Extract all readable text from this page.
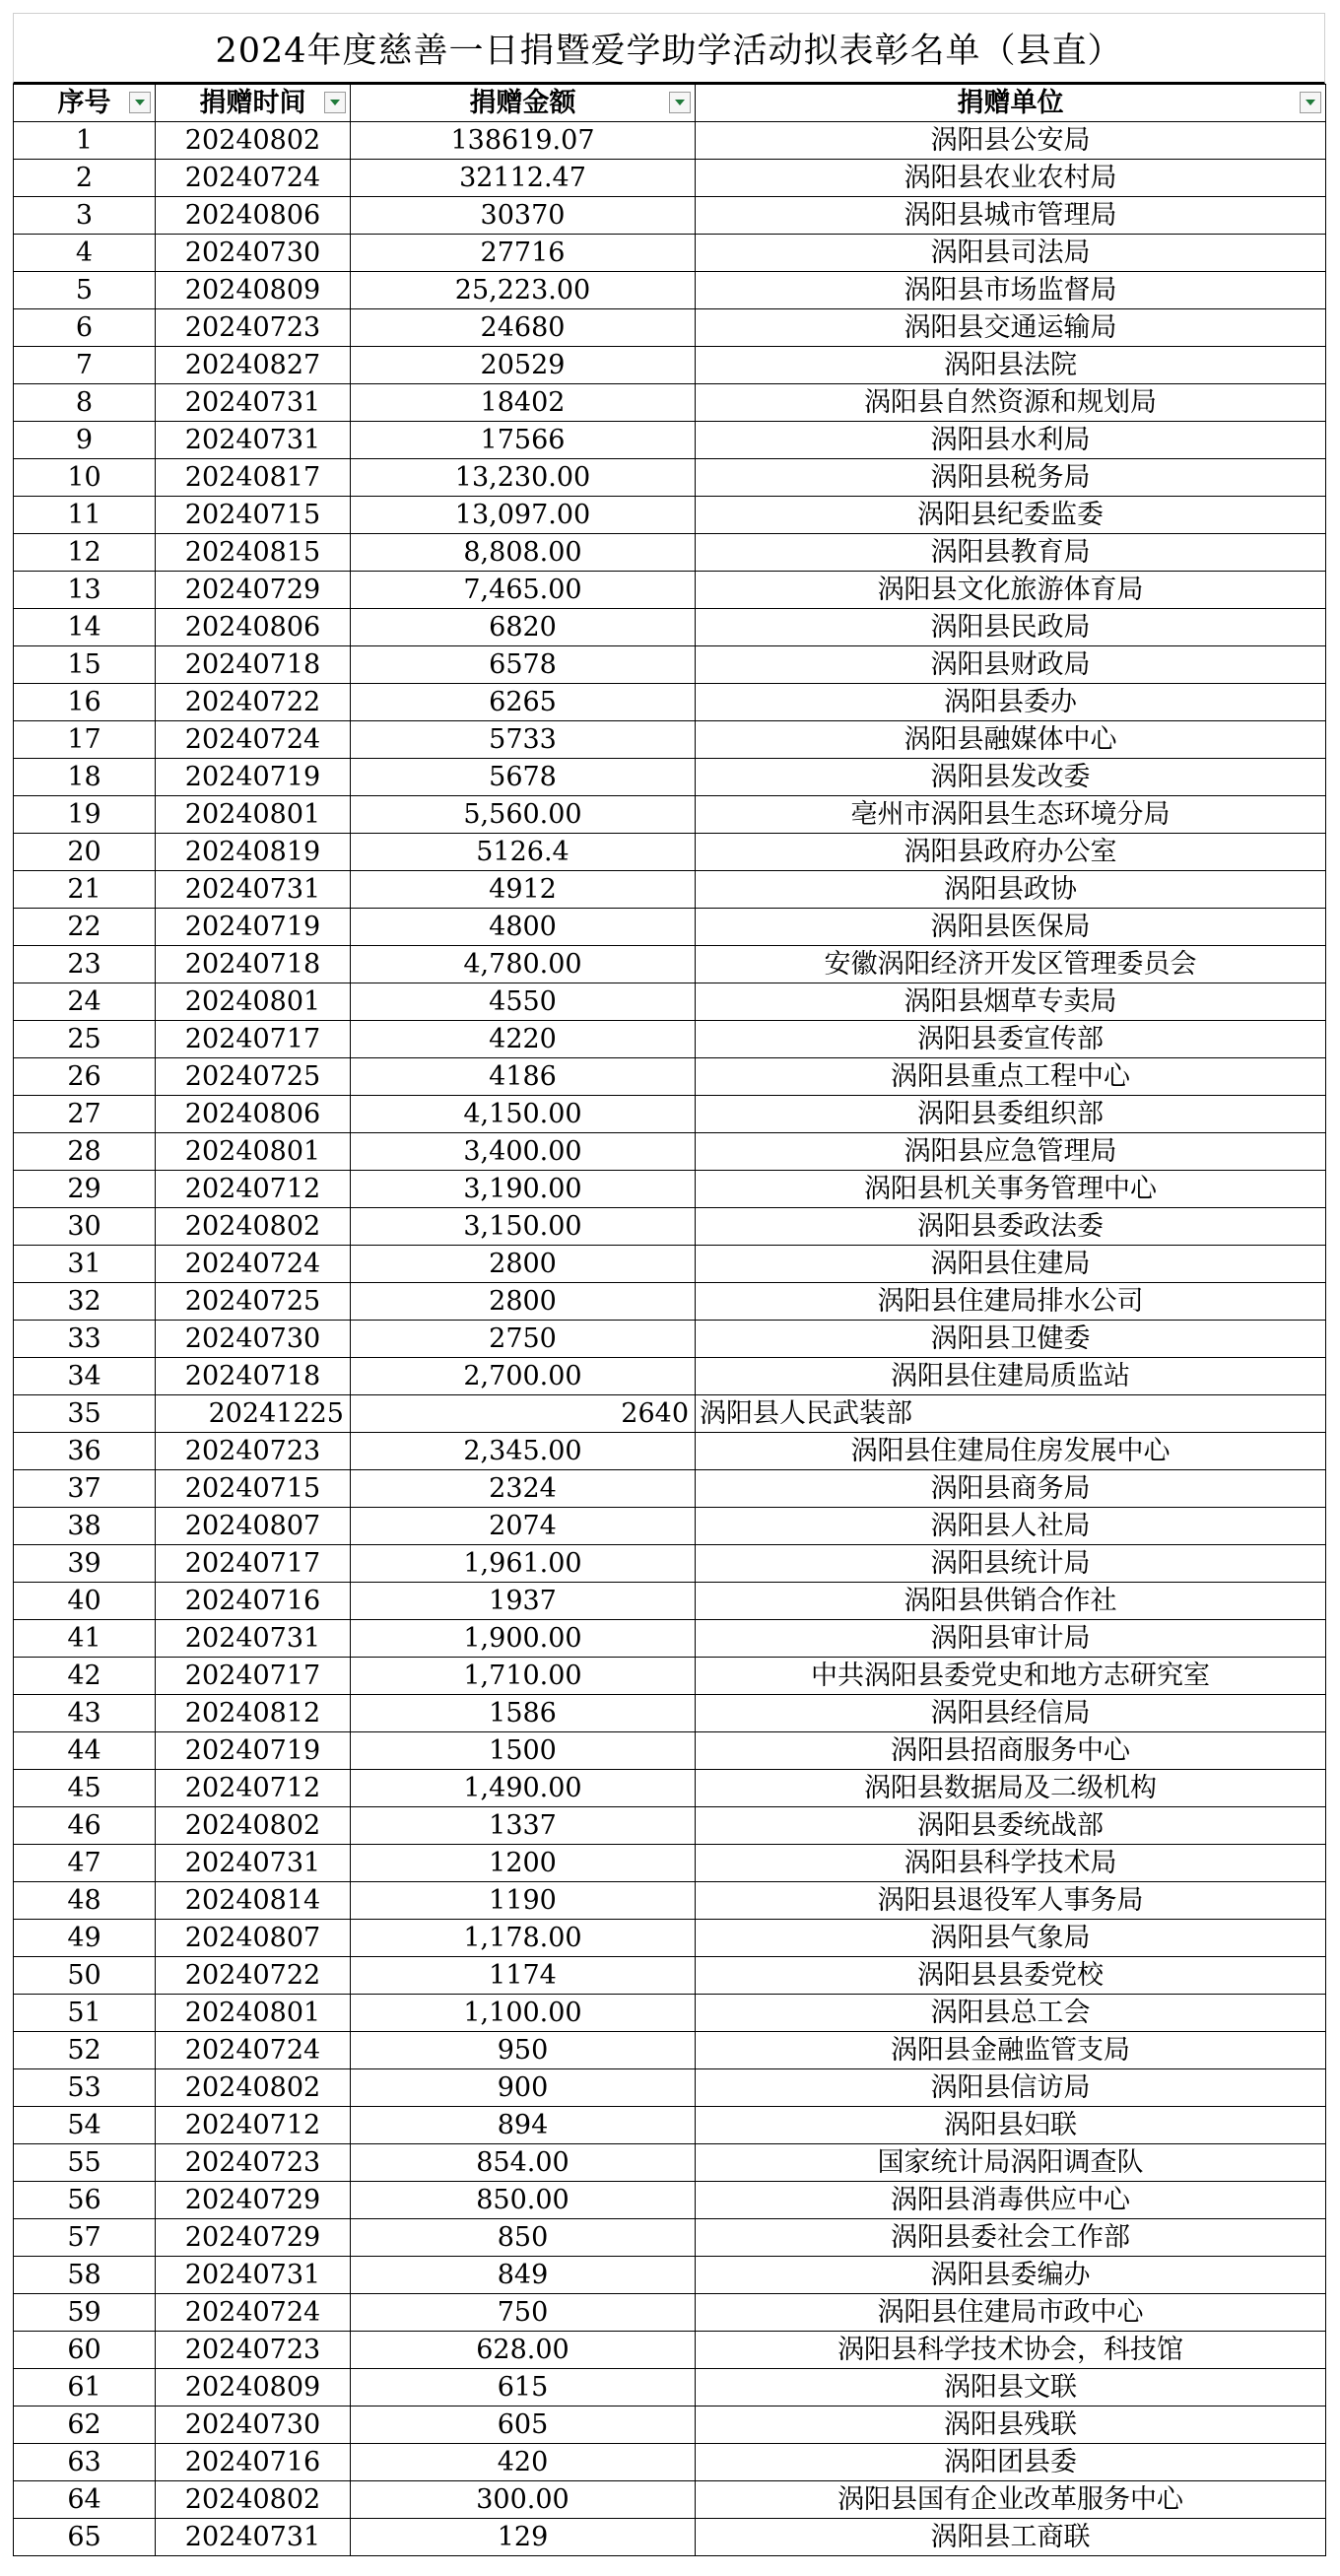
2024年度慈善一日捐暨爱学助学活动拟表彰名单（县直）
序号	捐赠时间	捐赠金额	捐赠单位

1	20240802	138619.07	涡阳县公安局
2	20240724	32112.47	涡阳县农业农村局
3	20240806	30370	涡阳县城市管理局
4	20240730	27716	涡阳县司法局
5	20240809	25,223.00	涡阳县市场监督局
6	20240723	24680	涡阳县交通运输局
7	20240827	20529	涡阳县法院
8	20240731	18402	涡阳县自然资源和规划局
9	20240731	17566	涡阳县水利局
10	20240817	13,230.00	涡阳县税务局
11	20240715	13,097.00	涡阳县纪委监委
12	20240815	8,808.00	涡阳县教育局
13	20240729	7,465.00	涡阳县文化旅游体育局
14	20240806	6820	涡阳县民政局
15	20240718	6578	涡阳县财政局
16	20240722	6265	涡阳县委办
17	20240724	5733	涡阳县融媒体中心
18	20240719	5678	涡阳县发改委
19	20240801	5,560.00	亳州市涡阳县生态环境分局
20	20240819	5126.4	涡阳县政府办公室
21	20240731	4912	涡阳县政协
22	20240719	4800	涡阳县医保局
23	20240718	4,780.00	安徽涡阳经济开发区管理委员会
24	20240801	4550	涡阳县烟草专卖局
25	20240717	4220	涡阳县委宣传部
26	20240725	4186	涡阳县重点工程中心
27	20240806	4,150.00	涡阳县委组织部
28	20240801	3,400.00	涡阳县应急管理局
29	20240712	3,190.00	涡阳县机关事务管理中心
30	20240802	3,150.00	涡阳县委政法委
31	20240724	2800	涡阳县住建局
32	20240725	2800	涡阳县住建局排水公司
33	20240730	2750	涡阳县卫健委
34	20240718	2,700.00	涡阳县住建局质监站
35	20241225	2640	涡阳县人民武装部
36	20240723	2,345.00	涡阳县住建局住房发展中心
37	20240715	2324	涡阳县商务局
38	20240807	2074	涡阳县人社局
39	20240717	1,961.00	涡阳县统计局
40	20240716	1937	涡阳县供销合作社
41	20240731	1,900.00	涡阳县审计局
42	20240717	1,710.00	中共涡阳县委党史和地方志研究室
43	20240812	1586	涡阳县经信局
44	20240719	1500	涡阳县招商服务中心
45	20240712	1,490.00	涡阳县数据局及二级机构
46	20240802	1337	涡阳县委统战部
47	20240731	1200	涡阳县科学技术局
48	20240814	1190	涡阳县退役军人事务局
49	20240807	1,178.00	涡阳县气象局
50	20240722	1174	涡阳县县委党校
51	20240801	1,100.00	涡阳县总工会
52	20240724	950	涡阳县金融监管支局
53	20240802	900	涡阳县信访局
54	20240712	894	涡阳县妇联
55	20240723	854.00	国家统计局涡阳调查队
56	20240729	850.00	涡阳县消毒供应中心
57	20240729	850	涡阳县委社会工作部
58	20240731	849	涡阳县委编办
59	20240724	750	涡阳县住建局市政中心
60	20240723	628.00	涡阳县科学技术协会，科技馆
61	20240809	615	涡阳县文联
62	20240730	605	涡阳县残联
63	20240716	420	涡阳团县委
64	20240802	300.00	涡阳县国有企业改革服务中心
65	20240731	129	涡阳县工商联
